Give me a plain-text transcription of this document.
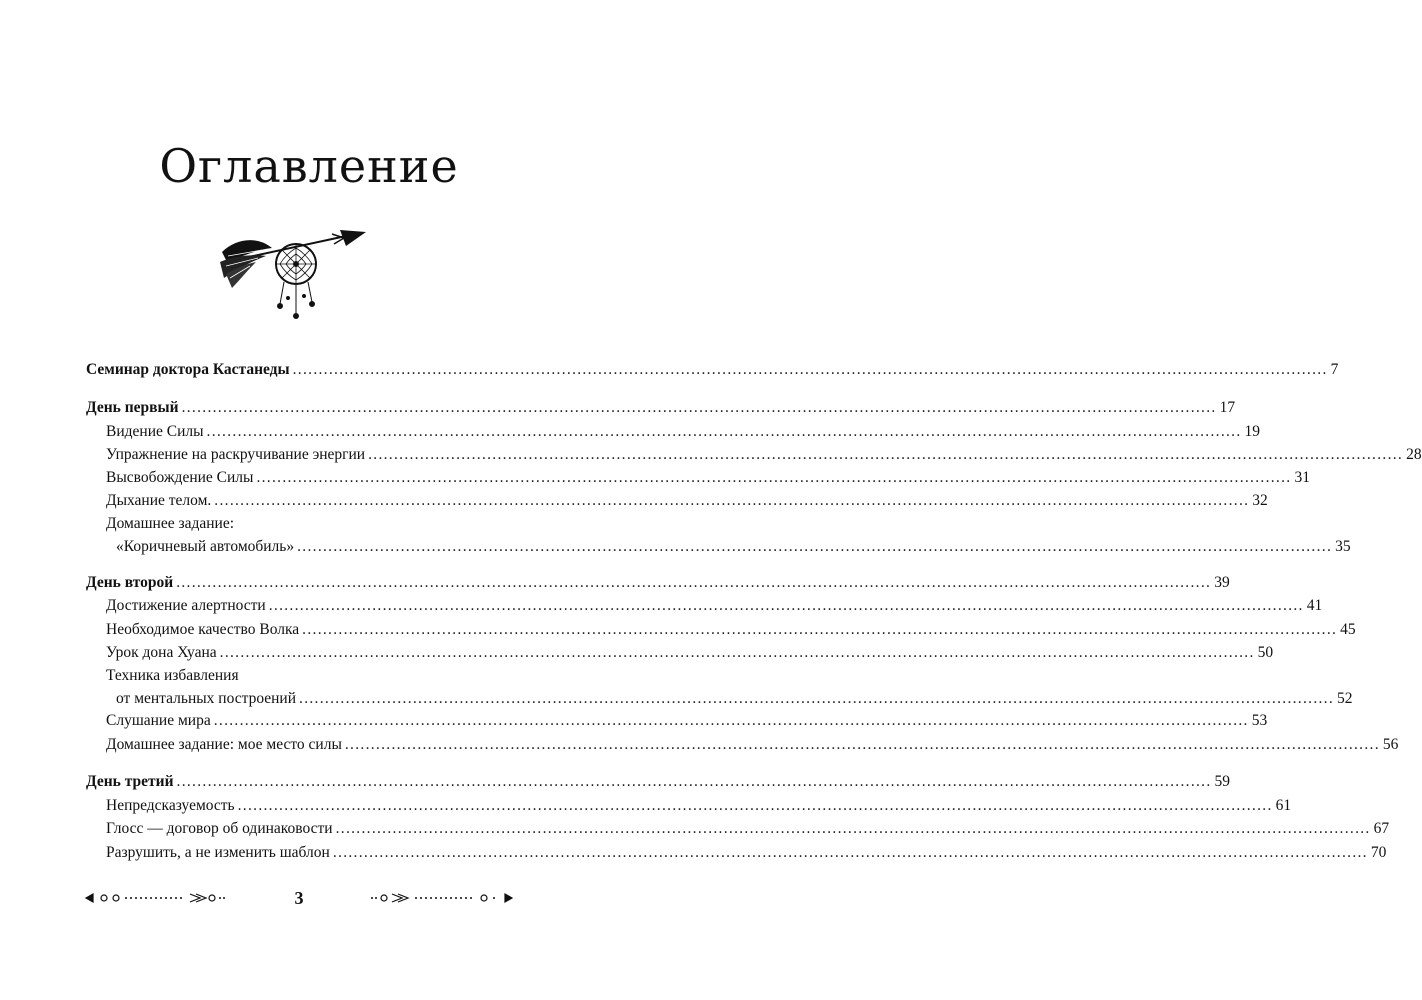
Оглавление
Семинар доктора Кастанеды ........................................................................................................................................................................................................ 7
День первый ........................................................................................................................................................................................................ 17
Видение Силы ........................................................................................................................................................................................................ 19
Упражнение на раскручивание энергии ........................................................................................................................................................................................................ 28
Высвобождение Силы ........................................................................................................................................................................................................ 31
Дыхание телом. ........................................................................................................................................................................................................ 32
Домашнее задание:
«Коричневый автомобиль» ........................................................................................................................................................................................................ 35
День второй ........................................................................................................................................................................................................ 39
Достижение алертности ........................................................................................................................................................................................................ 41
Необходимое качество Волка ........................................................................................................................................................................................................ 45
Урок дона Хуана ........................................................................................................................................................................................................ 50
Техника избавления
от ментальных построений ........................................................................................................................................................................................................ 52
Слушание мира ........................................................................................................................................................................................................ 53
Домашнее задание: мое место силы ........................................................................................................................................................................................................ 56
День третий ........................................................................................................................................................................................................ 59
Непредсказуемость ........................................................................................................................................................................................................ 61
Глосс — договор об одинаковости ........................................................................................................................................................................................................ 67
Разрушить, а не изменить шаблон ........................................................................................................................................................................................................ 70
3
